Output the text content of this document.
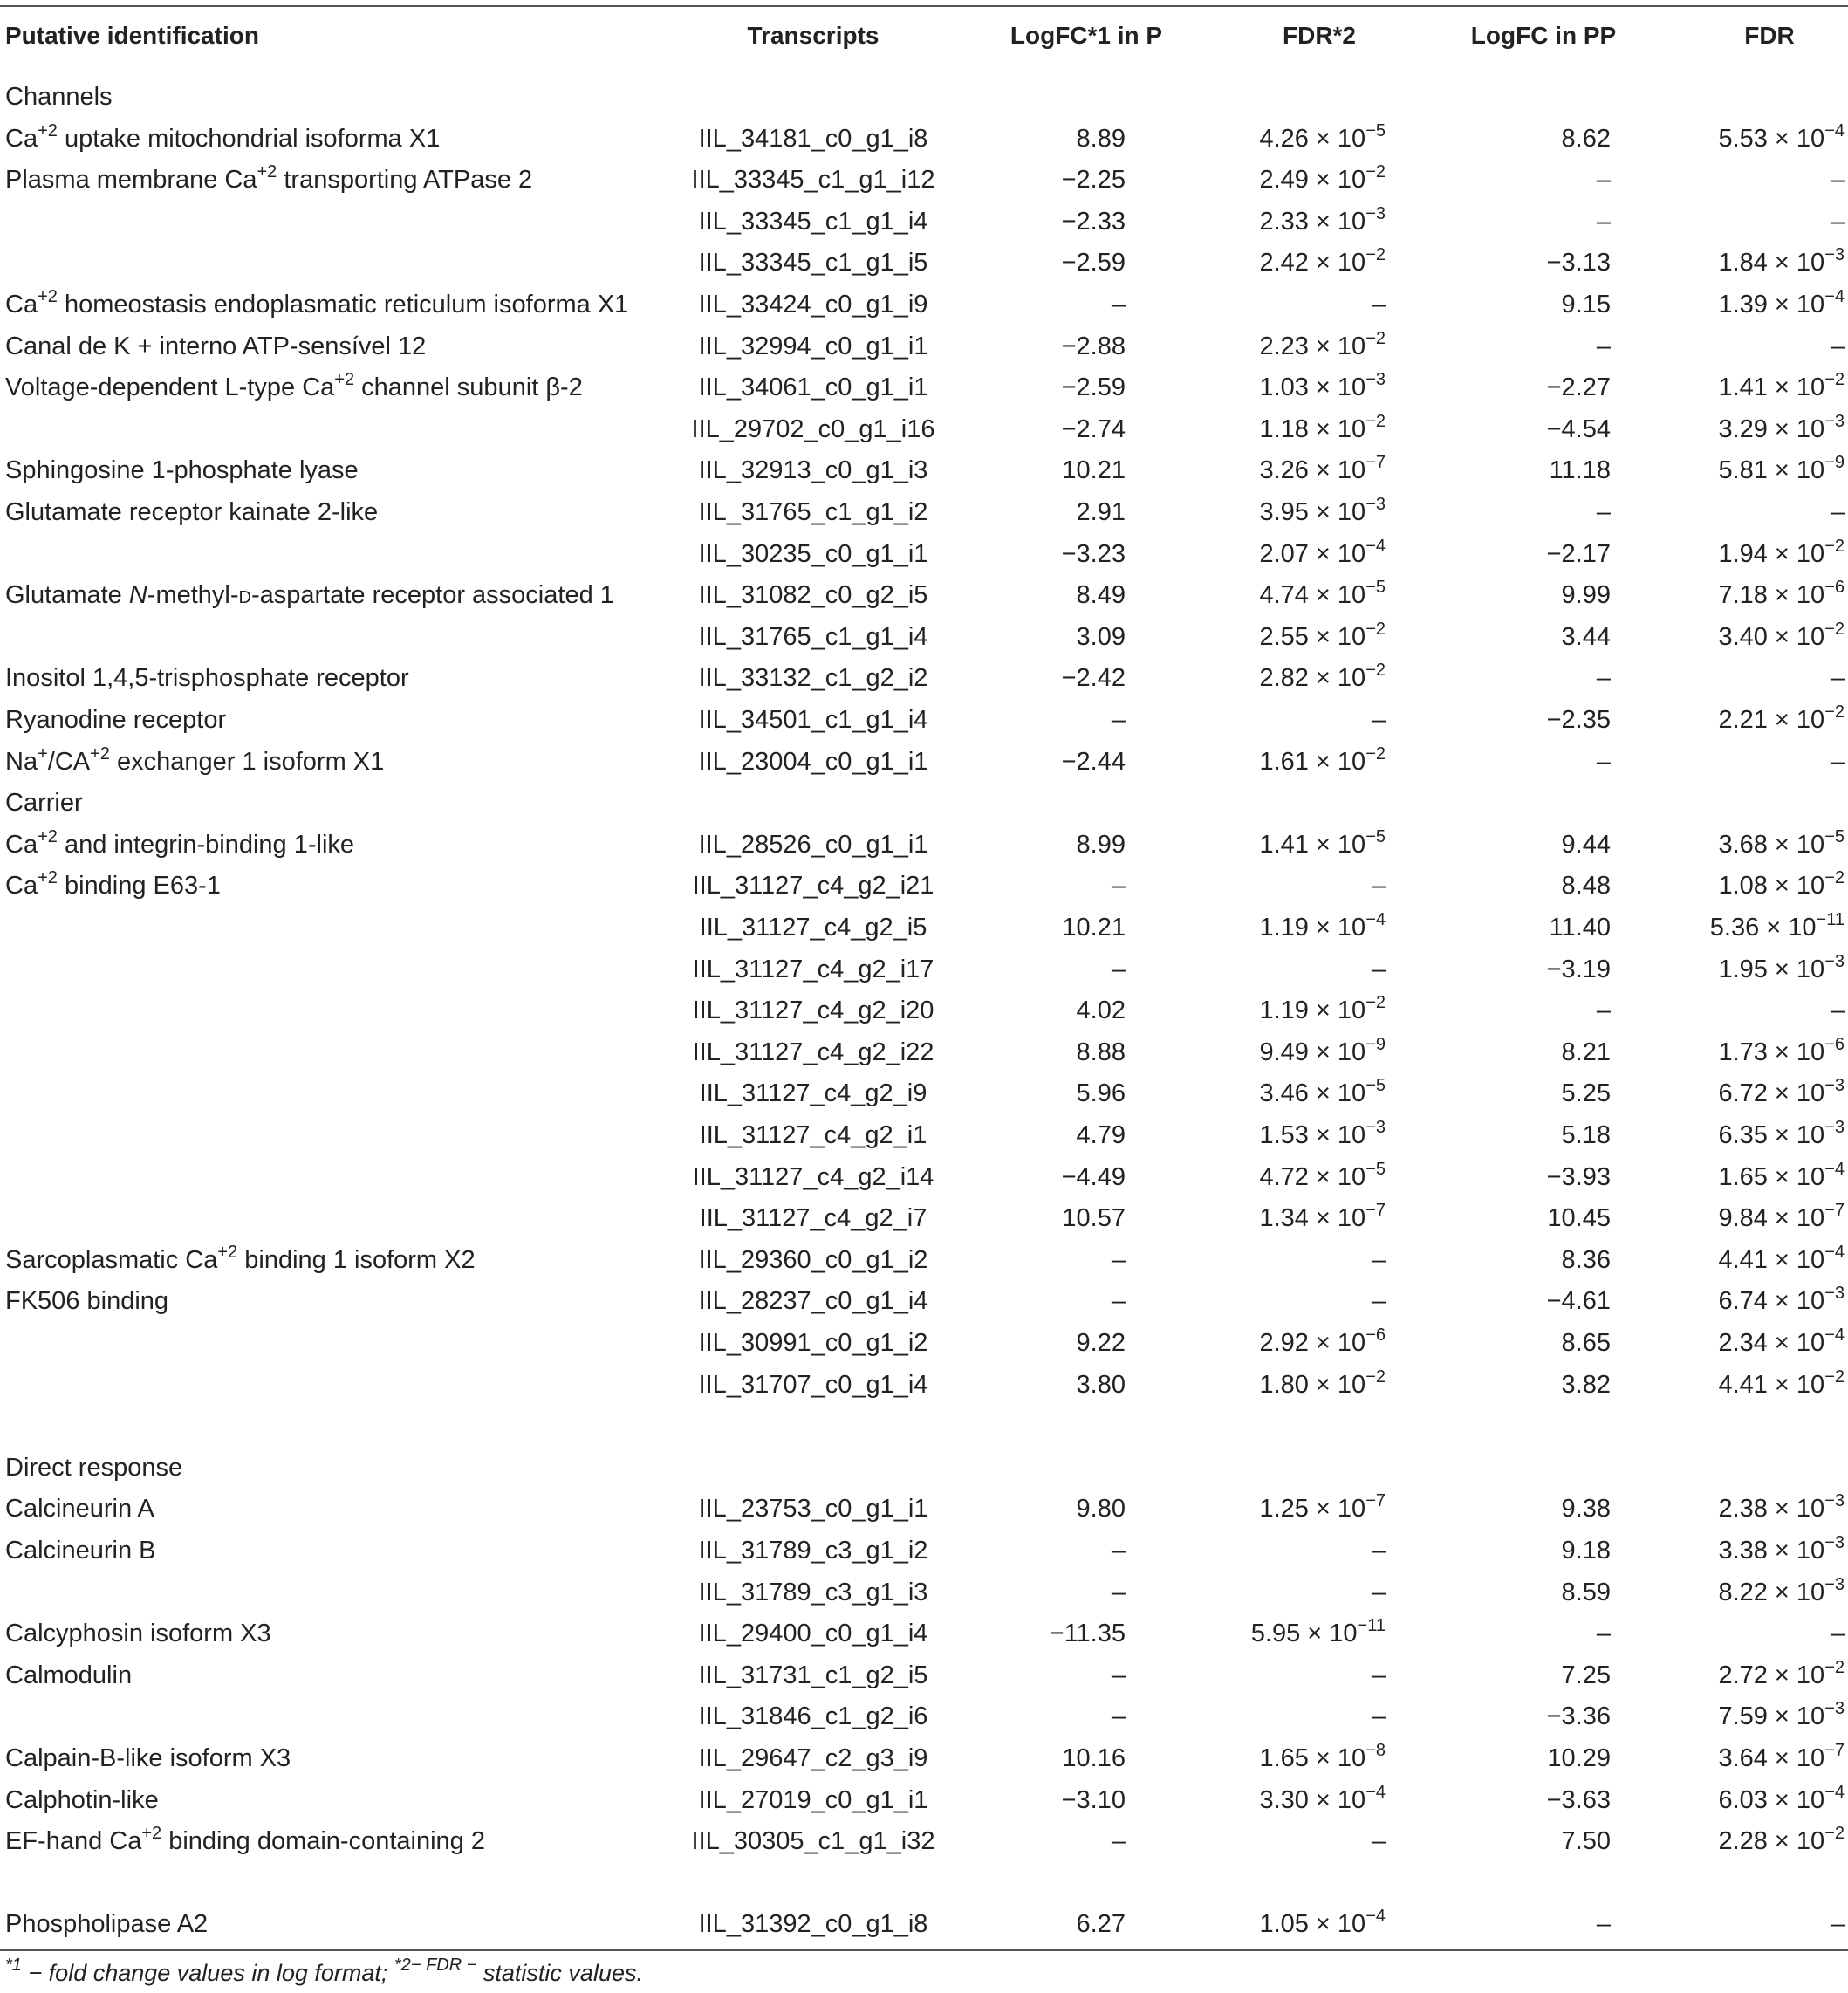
Putative identification	Transcripts	LogFC*1 in P	FDR*2	LogFC in PP	FDR
Channels
$Ca^{+2}$ uptake mitochondrial isoforma X1	IIL_34181_c0_g1_i8	8.89	$4.26 \times 10^{-5}$	8.62	$5.53 \times 10^{-4}$
Plasma membrane $Ca^{+2}$ transporting ATPase 2	IIL_33345_c1_g1_i12	−2.25	$2.49 \times 10^{-2}$	–	–
IIL_33345_c1_g1_i4	−2.33	$2.33 \times 10^{-3}$	–	–
IIL_33345_c1_g1_i5	−2.59	$2.42 \times 10^{-2}$	−3.13	$1.84 \times 10^{-3}$
$Ca^{+2}$ homeostasis endoplasmatic reticulum isoforma X1	IIL_33424_c0_g1_i9	–	–	9.15	$1.39 \times 10^{-4}$
Canal de K + interno ATP-sensível 12	IIL_32994_c0_g1_i1	−2.88	$2.23 \times 10^{-2}$	–	–
Voltage-dependent L-type $Ca^{+2}$ channel subunit β-2	IIL_34061_c0_g1_i1	−2.59	$1.03 \times 10^{-3}$	−2.27	$1.41 \times 10^{-2}$
IIL_29702_c0_g1_i16	−2.74	$1.18 \times 10^{-2}$	−4.54	$3.29 \times 10^{-3}$
Sphingosine 1-phosphate lyase	IIL_32913_c0_g1_i3	10.21	$3.26 \times 10^{-7}$	11.18	$5.81 \times 10^{-9}$
Glutamate receptor kainate 2-like	IIL_31765_c1_g1_i2	2.91	$3.95 \times 10^{-3}$	–	–
IIL_30235_c0_g1_i1	−3.23	$2.07 \times 10^{-4}$	−2.17	$1.94 \times 10^{-2}$
Glutamate N-methyl-d-aspartate receptor associated 1	IIL_31082_c0_g2_i5	8.49	$4.74 \times 10^{-5}$	9.99	$7.18 \times 10^{-6}$
IIL_31765_c1_g1_i4	3.09	$2.55 \times 10^{-2}$	3.44	$3.40 \times 10^{-2}$
Inositol 1,4,5-trisphosphate receptor	IIL_33132_c1_g2_i2	−2.42	$2.82 \times 10^{-2}$	–	–
Ryanodine receptor	IIL_34501_c1_g1_i4	–	–	−2.35	$2.21 \times 10^{-2}$
$Na^+/CA^{+2}$ exchanger 1 isoform X1	IIL_23004_c0_g1_i1	−2.44	$1.61 \times 10^{-2}$	–	–
Carrier
$Ca^{+2}$ and integrin-binding 1-like	IIL_28526_c0_g1_i1	8.99	$1.41 \times 10^{-5}$	9.44	$3.68 \times 10^{-5}$
$Ca^{+2}$ binding E63-1	IIL_31127_c4_g2_i21	–	–	8.48	$1.08 \times 10^{-2}$
IIL_31127_c4_g2_i5	10.21	$1.19 \times 10^{-4}$	11.40	$5.36 \times 10^{-11}$
IIL_31127_c4_g2_i17	–	–	−3.19	$1.95 \times 10^{-3}$
IIL_31127_c4_g2_i20	4.02	$1.19 \times 10^{-2}$	–	–
IIL_31127_c4_g2_i22	8.88	$9.49 \times 10^{-9}$	8.21	$1.73 \times 10^{-6}$
IIL_31127_c4_g2_i9	5.96	$3.46 \times 10^{-5}$	5.25	$6.72 \times 10^{-3}$
IIL_31127_c4_g2_i1	4.79	$1.53 \times 10^{-3}$	5.18	$6.35 \times 10^{-3}$
IIL_31127_c4_g2_i14	−4.49	$4.72 \times 10^{-5}$	−3.93	$1.65 \times 10^{-4}$
IIL_31127_c4_g2_i7	10.57	$1.34 \times 10^{-7}$	10.45	$9.84 \times 10^{-7}$
Sarcoplasmatic $Ca^{+2}$ binding 1 isoform X2	IIL_29360_c0_g1_i2	–	–	8.36	$4.41 \times 10^{-4}$
FK506 binding	IIL_28237_c0_g1_i4	–	–	−4.61	$6.74 \times 10^{-3}$
IIL_30991_c0_g1_i2	9.22	$2.92 \times 10^{-6}$	8.65	$2.34 \times 10^{-4}$
IIL_31707_c0_g1_i4	3.80	$1.80 \times 10^{-2}$	3.82	$4.41 \times 10^{-2}$
Direct response
Calcineurin A	IIL_23753_c0_g1_i1	9.80	$1.25 \times 10^{-7}$	9.38	$2.38 \times 10^{-3}$
Calcineurin B	IIL_31789_c3_g1_i2	–	–	9.18	$3.38 \times 10^{-3}$
IIL_31789_c3_g1_i3	–	–	8.59	$8.22 \times 10^{-3}$
Calcyphosin isoform X3	IIL_29400_c0_g1_i4	−11.35	$5.95 \times 10^{-11}$	–	–
Calmodulin	IIL_31731_c1_g2_i5	–	–	7.25	$2.72 \times 10^{-2}$
IIL_31846_c1_g2_i6	–	–	−3.36	$7.59 \times 10^{-3}$
Calpain-B-like isoform X3	IIL_29647_c2_g3_i9	10.16	$1.65 \times 10^{-8}$	10.29	$3.64 \times 10^{-7}$
Calphotin-like	IIL_27019_c0_g1_i1	−3.10	$3.30 \times 10^{-4}$	−3.63	$6.03 \times 10^{-4}$
EF-hand $Ca^{+2}$ binding domain-containing 2	IIL_30305_c1_g1_i32	–	–	7.50	$2.28 \times 10^{-2}$
Phospholipase A2	IIL_31392_c0_g1_i8	6.27	$1.05 \times 10^{-4}$	–	–
$^{*1}$ − fold change values in log format; $^{*2- FDR -}$ statistic values.
